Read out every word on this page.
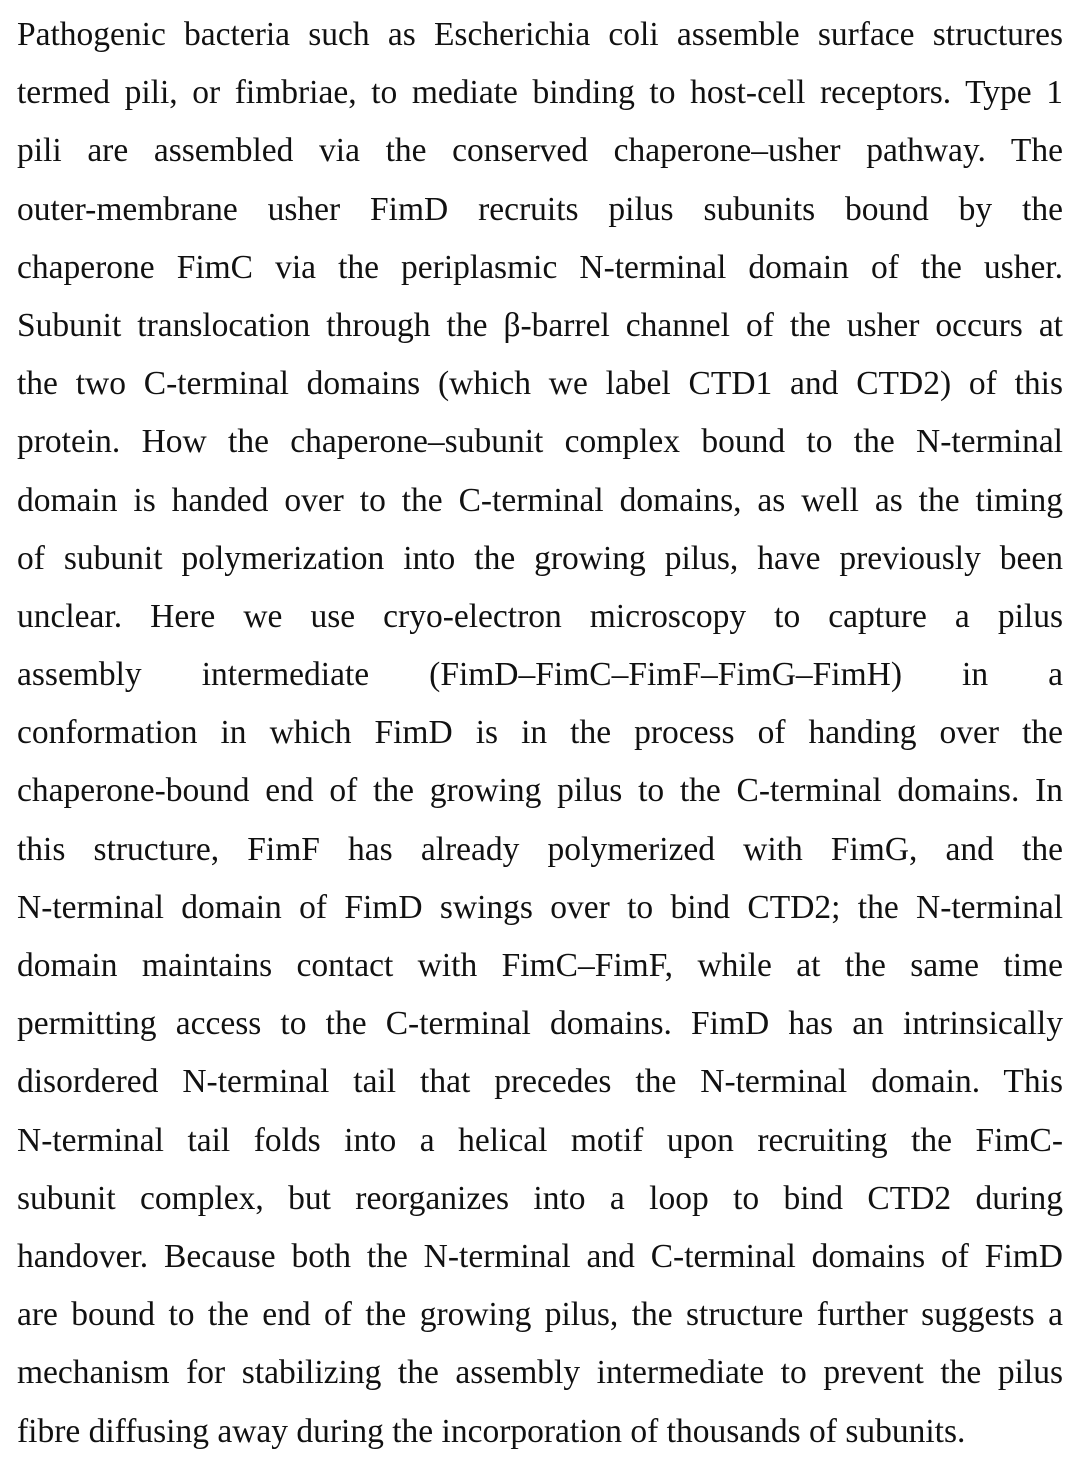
Pathogenic bacteria such as Escherichia coli assemble surface structures
termed pili, or fimbriae, to mediate binding to host-cell receptors. Type 1
pili are assembled via the conserved chaperone–usher pathway. The
outer-membrane usher FimD recruits pilus subunits bound by the
chaperone FimC via the periplasmic N-terminal domain of the usher.
Subunit translocation through the β-barrel channel of the usher occurs at
the two C-terminal domains (which we label CTD1 and CTD2) of this
protein. How the chaperone–subunit complex bound to the N-terminal
domain is handed over to the C-terminal domains, as well as the timing
of subunit polymerization into the growing pilus, have previously been
unclear. Here we use cryo-electron microscopy to capture a pilus
assembly intermediate (FimD–FimC–FimF–FimG–FimH) in a
conformation in which FimD is in the process of handing over the
chaperone-bound end of the growing pilus to the C-terminal domains. In
this structure, FimF has already polymerized with FimG, and the
N-terminal domain of FimD swings over to bind CTD2; the N-terminal
domain maintains contact with FimC–FimF, while at the same time
permitting access to the C-terminal domains. FimD has an intrinsically
disordered N-terminal tail that precedes the N-terminal domain. This
N-terminal tail folds into a helical motif upon recruiting the FimC-
subunit complex, but reorganizes into a loop to bind CTD2 during
handover. Because both the N-terminal and C-terminal domains of FimD
are bound to the end of the growing pilus, the structure further suggests a
mechanism for stabilizing the assembly intermediate to prevent the pilus
fibre diffusing away during the incorporation of thousands of subunits.
